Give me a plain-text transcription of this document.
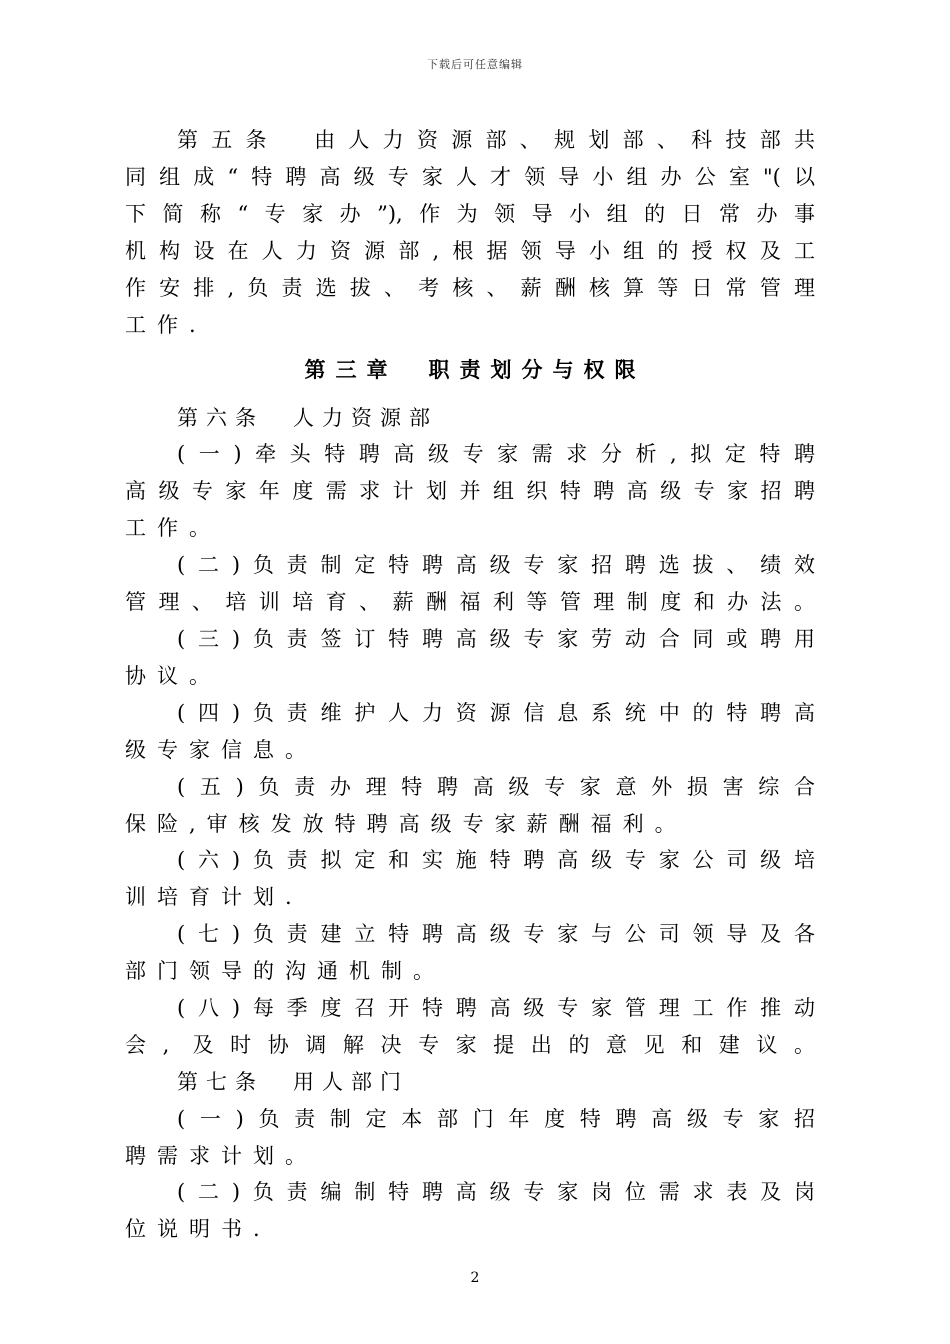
下载后可任意编辑
第五条　由人力资源部、规划部、科技部共
同组成“特聘高级专家人才领导小组办公室"(以
下简称“专家办”),作为领导小组的日常办事
机构设在人力资源部,根据领导小组的授权及工
作安排,负责选拔、考核、薪酬核算等日常管理
工作.
第三章　职责划分与权限
第六条　人力资源部
(一)牵头特聘高级专家需求分析,拟定特聘
高级专家年度需求计划并组织特聘高级专家招聘
工作。
(二)负责制定特聘高级专家招聘选拔、绩效
管理、培训培育、薪酬福利等管理制度和办法。
(三)负责签订特聘高级专家劳动合同或聘用
协议。
(四)负责维护人力资源信息系统中的特聘高
级专家信息。
(五)负责办理特聘高级专家意外损害综合
保险,审核发放特聘高级专家薪酬福利。
(六)负责拟定和实施特聘高级专家公司级培
训培育计划.
(七)负责建立特聘高级专家与公司领导及各
部门领导的沟通机制。
(八)每季度召开特聘高级专家管理工作推动
会, 及时协调解决专家提出的意见和建议。
第七条　用人部门
(一)负责制定本部门年度特聘高级专家招
聘需求计划。
(二)负责编制特聘高级专家岗位需求表及岗
位说明书.
2
